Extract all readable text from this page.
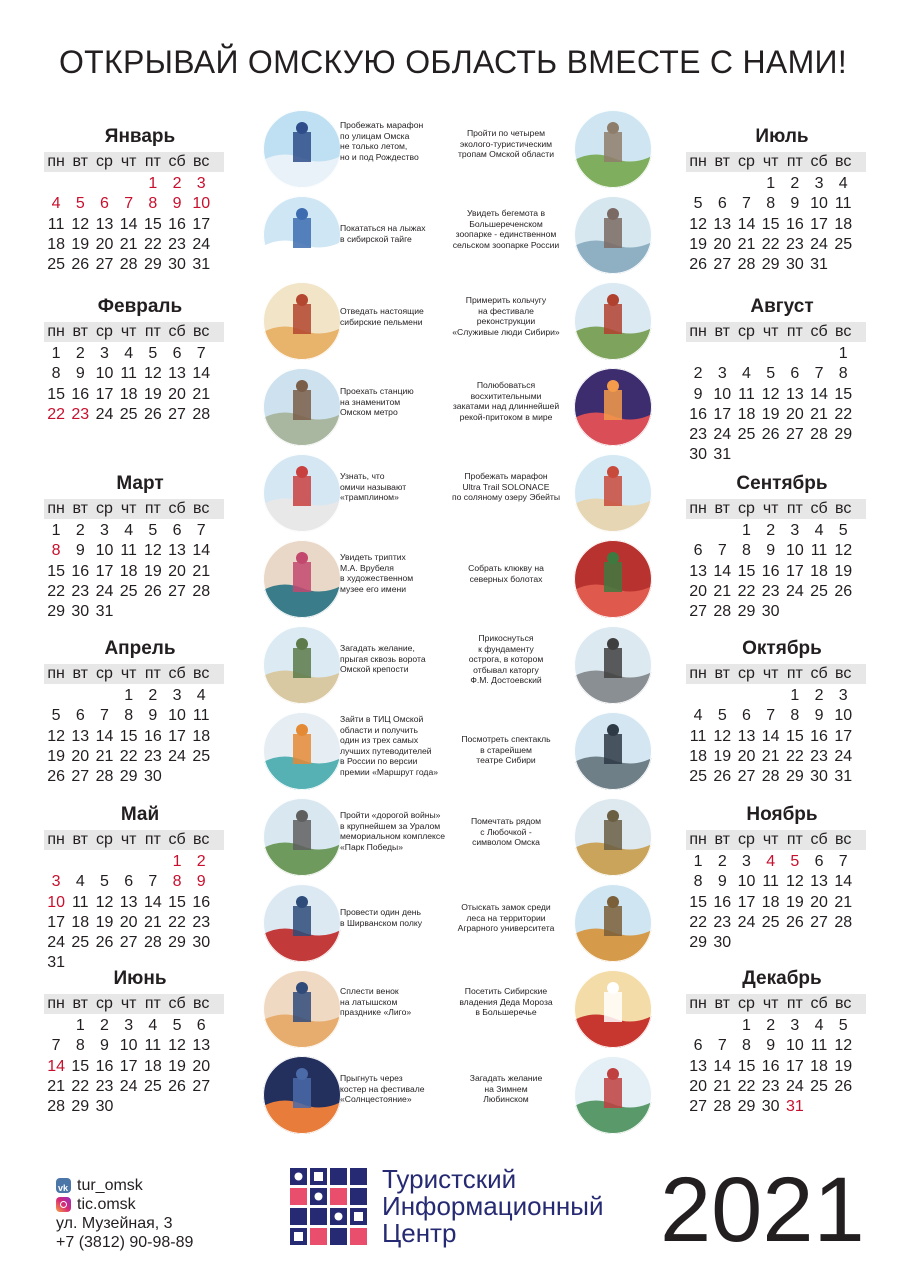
ОТКРЫВАЙ ОМСКУЮ ОБЛАСТЬ ВМЕСТЕ С НАМИ!
Январь
пн вт ср чт пт сб вс
1 2 3
4 5 6 7 8 9 10
11 12 13 14 15 16 17
18 19 20 21 22 23 24
25 26 27 28 29 30 31
Февраль
пн вт ср чт пт сб вс
1 2 3 4 5 6 7
8 9 10 11 12 13 14
15 16 17 18 19 20 21
22 23 24 25 26 27 28
Март
пн вт ср чт пт сб вс
1 2 3 4 5 6 7
8 9 10 11 12 13 14
15 16 17 18 19 20 21
22 23 24 25 26 27 28
29 30 31
Апрель
пн вт ср чт пт сб вс
1 2 3 4
5 6 7 8 9 10 11
12 13 14 15 16 17 18
19 20 21 22 23 24 25
26 27 28 29 30
Май
пн вт ср чт пт сб вс
1 2
3 4 5 6 7 8 9
10 11 12 13 14 15 16
17 18 19 20 21 22 23
24 25 26 27 28 29 30
31
Июнь
пн вт ср чт пт сб вс
1 2 3 4 5 6
7 8 9 10 11 12 13
14 15 16 17 18 19 20
21 22 23 24 25 26 27
28 29 30
Июль
пн вт ср чт пт сб вс
1 2 3 4
5 6 7 8 9 10 11
12 13 14 15 16 17 18
19 20 21 22 23 24 25
26 27 28 29 30 31
Август
пн вт ср чт пт сб вс
1
2 3 4 5 6 7 8
9 10 11 12 13 14 15
16 17 18 19 20 21 22
23 24 25 26 27 28 29
30 31
Сентябрь
пн вт ср чт пт сб вс
1 2 3 4 5
6 7 8 9 10 11 12
13 14 15 16 17 18 19
20 21 22 23 24 25 26
27 28 29 30
Октябрь
пн вт ср чт пт сб вс
1 2 3
4 5 6 7 8 9 10
11 12 13 14 15 16 17
18 19 20 21 22 23 24
25 26 27 28 29 30 31
Ноябрь
пн вт ср чт пт сб вс
1 2 3 4 5 6 7
8 9 10 11 12 13 14
15 16 17 18 19 20 21
22 23 24 25 26 27 28
29 30
Декабрь
пн вт ср чт пт сб вс
1 2 3 4 5
6 7 8 9 10 11 12
13 14 15 16 17 18 19
20 21 22 23 24 25 26
27 28 29 30 31
Пробежать марафон
по улицам Омска
не только летом,
но и под Рождество
Покататься на лыжах
в сибирской тайге
Отведать настоящие
сибирские пельмени
Проехать станцию
на знаменитом
Омском метро
Узнать, что
омичи называют
«трамплином»
Увидеть триптих
М.А. Врубеля
в художественном
музее его имени
Загадать желание,
прыгая сквозь ворота
Омской крепости
Зайти в ТИЦ Омской
области и получить
один из трех самых
лучших путеводителей
в России по версии
премии «Маршрут года»
Пройти «дорогой войны»
в крупнейшем за Уралом
мемориальном комплексе
«Парк Победы»
Провести один день
в Ширванском полку
Сплести венок
на латышском
празднике «Лиго»
Прыгнуть через
костер на фестивале
«Солнцестояние»
Пройти по четырем
эколого-туристическим
тропам Омской области
Увидеть бегемота в
Большереченском
зоопарке - единственном
сельском зоопарке России
Примерить кольчугу
на фестивале
реконструкции
«Служивые люди Сибири»
Полюбоваться
восхитительными
закатами над длиннейшей
рекой-притоком в мире
Пробежать марафон
Ultra Trail SOLONACE
по соляному озеру Эбейты
Собрать клюкву на
северных болотах
Прикоснуться
к фундаменту
острога, в котором
отбывал каторгу
Ф.М. Достоевский
Посмотреть спектакль
в старейшем
театре Сибири
Помечтать рядом
с Любочкой -
символом Омска
Отыскать замок среди
леса на территории
Аграрного университета
Посетить Сибирские
владения Деда Мороза
в Большеречье
Загадать желание
на Зимнем
Любинском
vk
tur_omsk
tic.omsk
ул. Музейная, 3
+7 (3812) 90-98-89
Туристский
Информационный
Центр	2021
